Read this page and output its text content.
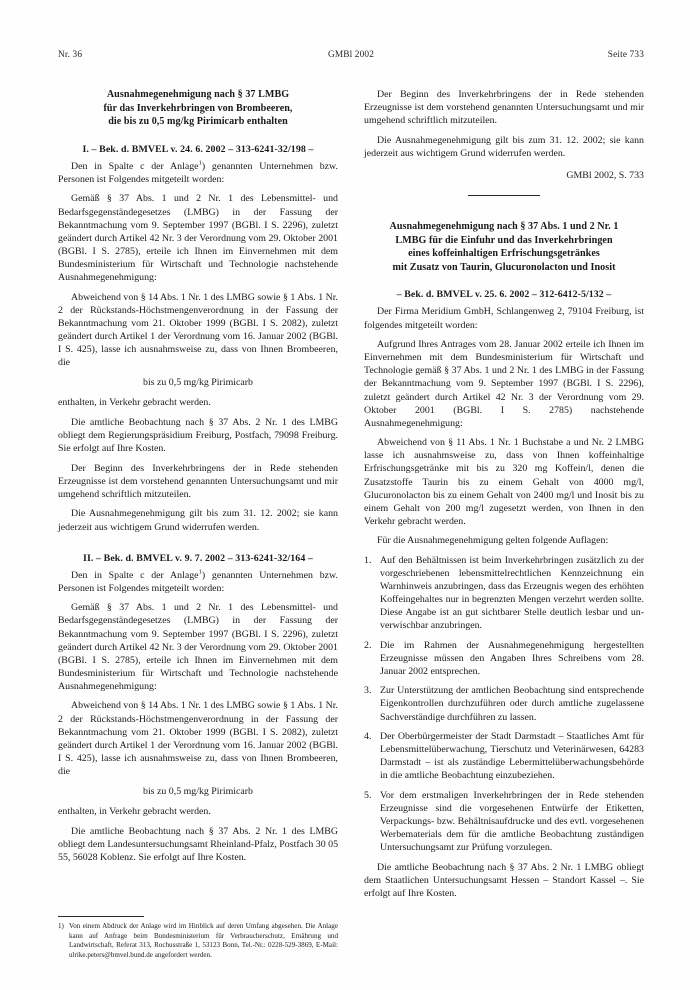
Nr. 36	GMBl 2002	Seite 733
Ausnahmegenehmigung nach § 37 LMBG
für das Inverkehrbringen von Brombeeren,
die bis zu 0,5 mg/kg Pirimicarb enthalten
I. – Bek. d. BMVEL v. 24. 6. 2002 – 313-6241-32/198 –

Den in Spalte c der Anlage$^1$) genannten Unternehmen bzw. Personen ist Folgendes mitgeteilt worden:

Gemäß § 37 Abs. 1 und 2 Nr. 1 des Lebensmittel- und Bedarfsgegenständegesetzes (LMBG) in der Fassung der Bekanntmachung vom 9. September 1997 (BGBl. I S. 2296), zuletzt geändert durch Artikel 42 Nr. 3 der Verordnung vom 29. Oktober 2001 (BGBl. I S. 2785), erteile ich Ihnen im Einvernehmen mit dem Bundesministerium für Wirtschaft und Technologie nachstehende Ausnahmegenehmigung:

Abweichend von § 14 Abs. 1 Nr. 1 des LMBG sowie § 1 Abs. 1 Nr. 2 der Rückstands-Höchstmengenverordnung in der Fassung der Bekanntmachung vom 21. Oktober 1999 (BGBl. I S. 2082), zuletzt geändert durch Artikel 1 der Verordnung vom 16. Januar 2002 (BGBl. I S. 425), lasse ich ausnahmsweise zu, dass von Ihnen Brombeeren, die

bis zu 0,5 mg/kg Pirimicarb

enthalten, in Verkehr gebracht werden.

Die amtliche Beobachtung nach § 37 Abs. 2 Nr. 1 des LMBG obliegt dem Regierungspräsidium Freiburg, Postfach, 79098 Freiburg. Sie erfolgt auf Ihre Kosten.

Der Beginn des Inverkehrbringens der in Rede stehenden Erzeugnisse ist dem vorstehend genannten Untersuchungsamt und mir umgehend schriftlich mitzuteilen.

Die Ausnahmegenehmigung gilt bis zum 31. 12. 2002; sie kann jederzeit aus wichtigem Grund widerrufen werden.

II. – Bek. d. BMVEL v. 9. 7. 2002 – 313-6241-32/164 –

Den in Spalte c der Anlage$^1$) genannten Unternehmen bzw. Personen ist Folgendes mitgeteilt worden:

Gemäß § 37 Abs. 1 und 2 Nr. 1 des Lebensmittel- und Bedarfsgegenständegesetzes (LMBG) in der Fassung der Bekanntmachung vom 9. September 1997 (BGBl. I S. 2296), zuletzt geändert durch Artikel 42 Nr. 3 der Verordnung vom 29. Oktober 2001 (BGBl. I S. 2785), erteile ich Ihnen im Einvernehmen mit dem Bundesministerium für Wirtschaft und Technologie nachstehende Ausnahmegenehmigung:

Abweichend von § 14 Abs. 1 Nr. 1 des LMBG sowie § 1 Abs. 1 Nr. 2 der Rückstands-Höchstmengenverordnung in der Fassung der Bekanntmachung vom 21. Oktober 1999 (BGBl. I S. 2082), zuletzt geändert durch Artikel 1 der Verordnung vom 16. Januar 2002 (BGBl. I S. 425), lasse ich ausnahmsweise zu, dass von Ihnen Brombeeren, die

bis zu 0,5 mg/kg Pirimicarb

enthalten, in Verkehr gebracht werden.

Die amtliche Beobachtung nach § 37 Abs. 2 Nr. 1 des LMBG obliegt dem Landesuntersuchungsamt Rheinland-Pfalz, Postfach 30 05 55, 56028 Koblenz. Sie erfolgt auf Ihre Kosten.

1) Von einem Abdruck der Anlage wird im Hinblick auf deren Umfang abgesehen. Die Anlage kann auf Anfrage beim Bundesministerium für Verbraucherschutz, Ernährung und Landwirtschaft, Referat 313, Rochusstraße 1, 53123 Bonn, Tel.-Nr.: 0228-529-3869, E-Mail: ulrike.peters@bmvel.bund.de angefordert werden.

Der Beginn des Inverkehrbringens der in Rede stehenden Erzeugnisse ist dem vorstehend genannten Untersuchungsamt und mir umgehend schriftlich mitzuteilen.

Die Ausnahmegenehmigung gilt bis zum 31. 12. 2002; sie kann jederzeit aus wichtigem Grund widerrufen werden.

GMBl 2002, S. 733

Ausnahmegenehmigung nach § 37 Abs. 1 und 2 Nr. 1
LMBG für die Einfuhr und das Inverkehrbringen
eines koffeinhaltigen Erfrischungsgetränkes
mit Zusatz von Taurin, Glucuronolacton und Inosit
– Bek. d. BMVEL v. 25. 6. 2002 – 312-6412-5/132 –

Der Firma Meridium GmbH, Schlangenweg 2, 79104 Freiburg, ist folgendes mitgeteilt worden:

Aufgrund Ihres Antrages vom 28. Januar 2002 erteile ich Ihnen im Einvernehmen mit dem Bundesministerium für Wirtschaft und Technologie gemäß § 37 Abs. 1 und 2 Nr. 1 des LMBG in der Fassung der Bekanntmachung vom 9. September 1997 (BGBl. I S. 2296), zuletzt geändert durch Artikel 42 Nr. 3 der Verordnung vom 29. Oktober 2001 (BGBl. I S. 2785) nachstehende Ausnahmegenehmigung:

Abweichend von § 11 Abs. 1 Nr. 1 Buchstabe a und Nr. 2 LMBG lasse ich ausnahmsweise zu, dass von Ihnen koffeinhaltige Erfrischungsgetränke mit bis zu 320 mg Koffein/l, denen die Zusatzstoffe Taurin bis zu einem Gehalt von 4000 mg/l, Glucuronolacton bis zu einem Gehalt von 2400 mg/l und Inosit bis zu einem Gehalt von 200 mg/l zugesetzt werden, von Ihnen in den Verkehr gebracht werden.

Für die Ausnahmegenehmigung gelten folgende Auflagen:

Auf den Behältnissen ist beim Inverkehrbringen zusätzlich zu der vorgeschriebenen lebensmittelrechtlichen Kennzeichnung ein Warnhinweis anzubringen, dass das Erzeugnis wegen des erhöhten Koffeingehaltes nur in begrenzten Mengen verzehrt werden sollte. Diese Angabe ist an gut sichtbarer Stelle deutlich lesbar und unverwischbar anzubringen.
Die im Rahmen der Ausnahmegenehmigung hergestellten Erzeugnisse müssen den Angaben Ihres Schreibens vom 28. Januar 2002 entsprechen.
Zur Unterstützung der amtlichen Beobachtung sind entsprechende Eigenkontrollen durchzuführen oder durch amtliche zugelassene Sachverständige durchführen zu lassen.
Der Oberbürgermeister der Stadt Darmstadt – Staatliches Amt für Lebensmittelüberwachung, Tierschutz und Veterinärwesen, 64283 Darmstadt – ist als zuständige Lebermittelüberwachungsbehörde in die amtliche Beobachtung einzubeziehen.
Vor dem erstmaligen Inverkehrbringen der in Rede stehenden Erzeugnisse sind die vorgesehenen Entwürfe der Etiketten, Verpackungs- bzw. Behältnisaufdrucke und des evtl. vorgesehenen Werbematerials dem für die amtliche Beobachtung zuständigen Untersuchungsamt zur Prüfung vorzulegen.

Die amtliche Beobachtung nach § 37 Abs. 2 Nr. 1 LMBG obliegt dem Staatlichen Untersuchungsamt Hessen – Standort Kassel –. Sie erfolgt auf Ihre Kosten.
